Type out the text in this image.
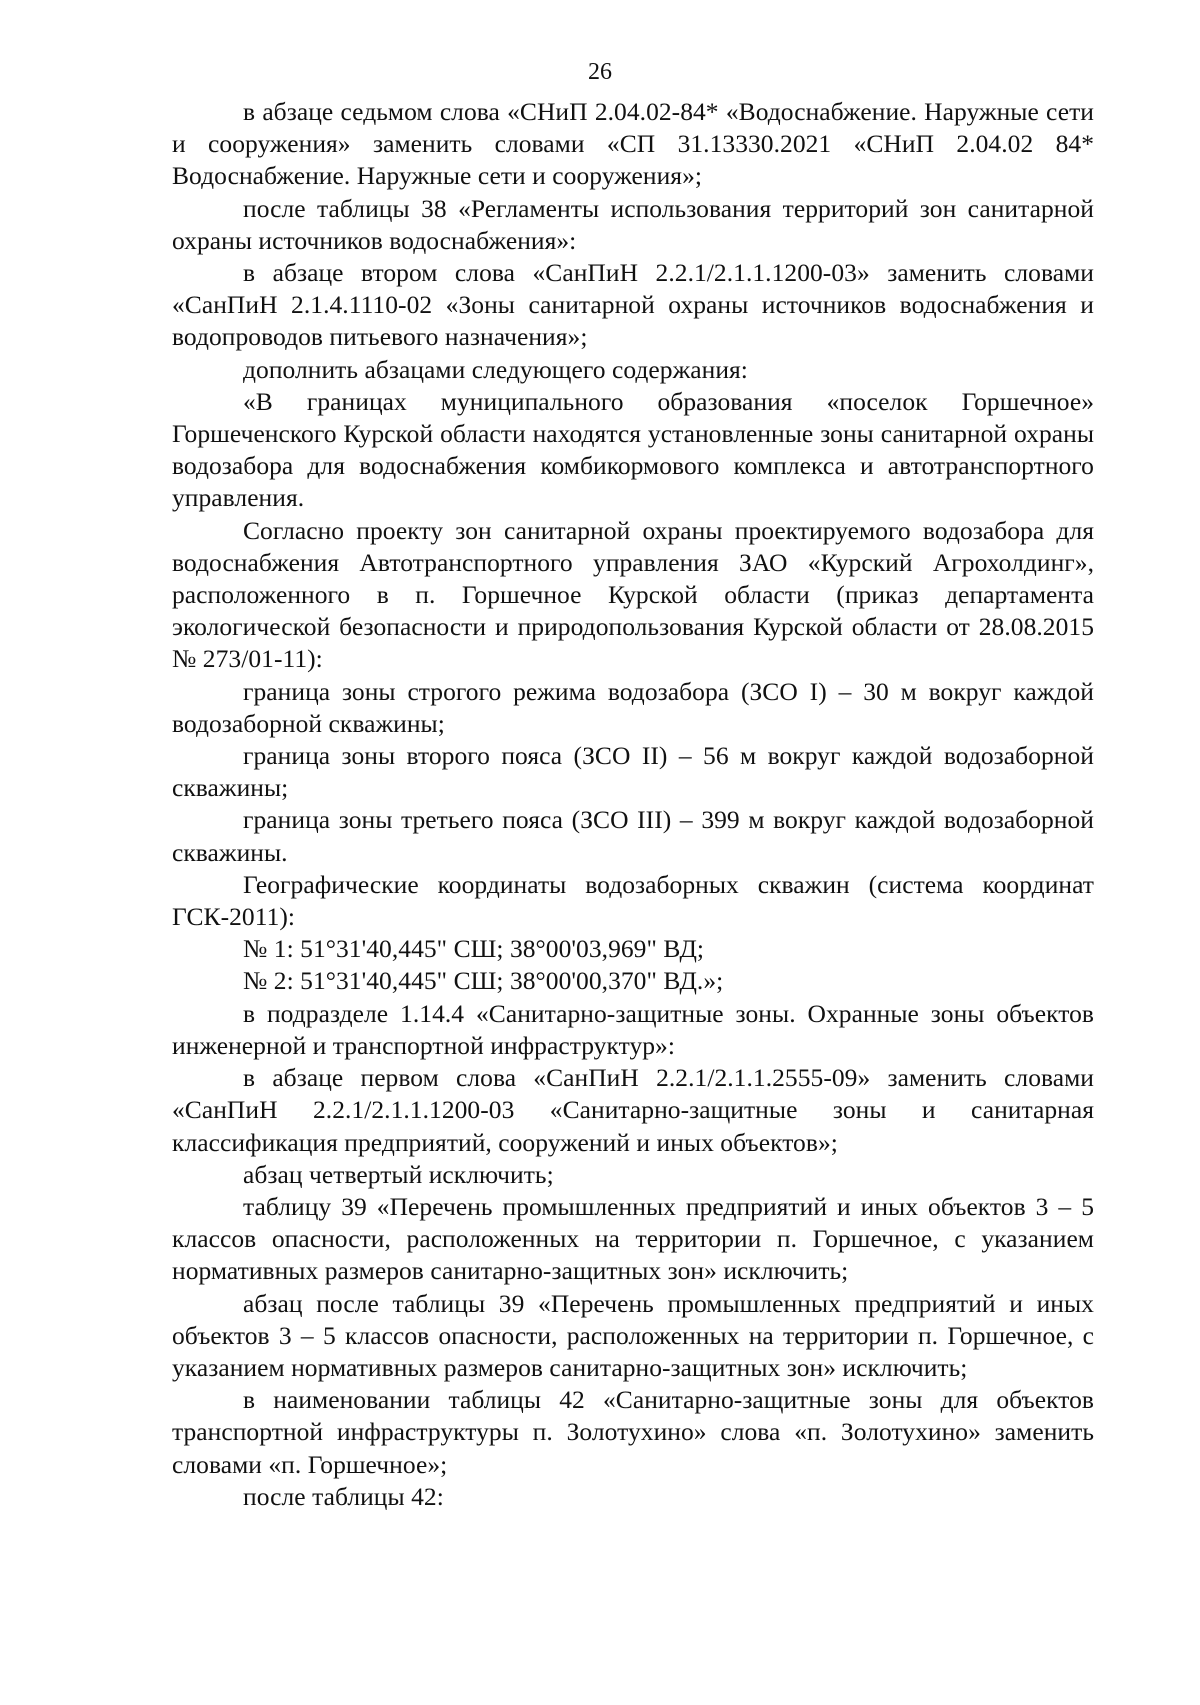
26

в абзаце седьмом слова «СНиП 2.04.02-84* «Водоснабжение. Наружные сети и сооружения» заменить словами «СП 31.13330.2021 «СНиП 2.04.02 84* Водоснабжение. Наружные сети и сооружения»;

после таблицы 38 «Регламенты использования территорий зон санитарной охраны источников водоснабжения»:

в абзаце втором слова «СанПиН 2.2.1/2.1.1.1200-03» заменить словами «СанПиН 2.1.4.1110-02 «Зоны санитарной охраны источников водоснабжения и водопроводов питьевого назначения»;

дополнить абзацами следующего содержания:

«В границах муниципального образования «поселок Горшечное» Горшеченского Курской области находятся установленные зоны санитарной охраны водозабора для водоснабжения комбикормового комплекса и автотранспортного управления.

Согласно проекту зон санитарной охраны проектируемого водозабора для водоснабжения Автотранспортного управления ЗАО «Курский Агрохолдинг», расположенного в п. Горшечное Курской области (приказ департамента экологической безопасности и природопользования Курской области от 28.08.2015 № 273/01-11):

граница зоны строгого режима водозабора (ЗСО I) – 30 м вокруг каждой водозаборной скважины;

граница зоны второго пояса (ЗСО II) – 56 м вокруг каждой водозаборной скважины;

граница зоны третьего пояса (ЗСО III) – 399 м вокруг каждой водозаборной скважины.

Географические координаты водозаборных скважин (система координат ГСК-2011):

№ 1: 51°31'40,445" СШ; 38°00'03,969" ВД;

№ 2: 51°31'40,445" СШ; 38°00'00,370" ВД.»;

в подразделе 1.14.4 «Санитарно-защитные зоны. Охранные зоны объектов инженерной и транспортной инфраструктур»:

в абзаце первом слова «СанПиН 2.2.1/2.1.1.2555-09» заменить словами «СанПиН 2.2.1/2.1.1.1200-03 «Санитарно-защитные зоны и санитарная классификация предприятий, сооружений и иных объектов»;

абзац четвертый исключить;

таблицу 39 «Перечень промышленных предприятий и иных объектов 3 – 5 классов опасности, расположенных на территории п. Горшечное, с указанием нормативных размеров санитарно-защитных зон» исключить;

абзац после таблицы 39 «Перечень промышленных предприятий и иных объектов 3 – 5 классов опасности, расположенных на территории п. Горшечное, с указанием нормативных размеров санитарно-защитных зон» исключить;

в наименовании таблицы 42 «Санитарно-защитные зоны для объектов транспортной инфраструктуры п. Золотухино» слова «п. Золотухино» заменить словами «п. Горшечное»;

после таблицы 42:
